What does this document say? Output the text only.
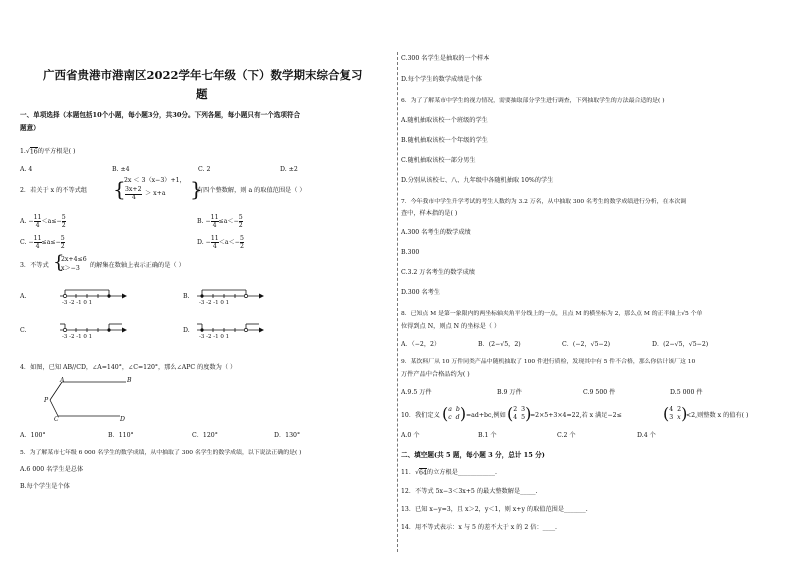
广西省贵港市港南区2022学年七年级（下）数学期末综合复习
题
一、单项选择（本题包括10个小题，每小题3分，共30分。下列各题，每小题只有一个选项符合
题意）
1.√16的平方根是( )
A. 4	B. ±4	C. 2	D. ±2
2．若关于 x 的不等式组 {
2x ＜ 3（x−3）+1，
3x+2
4
＞ x+a }
有四个整数解，则 a 的取值范围是（ ）
A. − $\frac{11}{4} <a\le- \frac{5}{2}$	B. − $\frac{11}{4} \le a<- \frac{5}{2}$
C. − $\frac{11}{4} \le a\le- \frac{5}{2}$	D. − $\frac{11}{4} <a<- \frac{5}{2}$
3．不等式 {
2x+4≤6
x＞−3 的解集在数轴上表示正确的是（ ）
A.
-3 -2 -1 0 1
B.
-3 -2 -1 0 1
C.
-3 -2 -1 0 1
D.
-3 -2 -1 0 1
4．如图，已知 AB//CD，∠A=140°，∠C=120°，那么∠APC 的度数为（ ）
A	B
P
C	D
A．100°	B．110°	C．120°	D．130°
5．为了解某市七年级 6 000 名学生的数学成绩，从中抽取了 300 名学生的数学成绩，以下说法正确的是( )
A.6 000 名学生是总体
B.每个学生是个体
C.300 名学生是抽取的一个样本
D.每个学生的数学成绩是个体
6．为了了解某市中学生的视力情况，需要抽取部分学生进行调查，下列抽取学生的方法最合适的是( )
A.随机抽取该校一个班级的学生
B.随机抽取该校一个年级的学生
C.随机抽取该校一部分男生
D.分别从该校七、八、九年级中各随机抽取 10%的学生
7．今年我市中学生升学考试的考生人数约为 3.2 万名，从中抽取 300 名考生的数学成绩进行分析，在本次调
查中，样本指的是( )
A.300 名考生的数学成绩
B.300
C.3.2 万名考生的数学成绩
D.300 名考生
8．已知点 M 是第一象限内的两坐标轴夹角平分线上的一点，且点 M 的横坐标为 2，那么点 M 的正半轴上√5 个单
位得到点 N，则点 N 的坐标是（ ）
A．（−2，2）	B．(2−√5，2)	C．(−2，√5−2)	D．(2−√5，√5−2)
9．某饮料厂从 10 万件同类产品中随机抽取了 100 件进行质检，发现其中有 5 件不合格，那么你估计该厂这 10
万件产品中合格品约为( )
A.9.5 万件	B.9 万件	C.9 500 件	D.5 000 件
10．我们定义 (a b
c d) =ad+bc,例如 (2 3
4 5)
=2×5+3×4=22,若 x 满足−2≤	(4 2
3 x)
<2,则整数 x 的值有( )
A.0 个	B.1 个	C.2 个	D.4 个
二、填空题(共 5 题，每小题 3 分，总计 15 分)
11．√64的立方根是____________.
12．不等式 5x−3＜3x+5 的最大整数解是_____.
13．已知 x−y=3，且 x＞2，y＜1，则 x+y 的取值范围是_______.
14．用不等式表示：x 与 5 的差不大于 x 的 2 倍：____.
